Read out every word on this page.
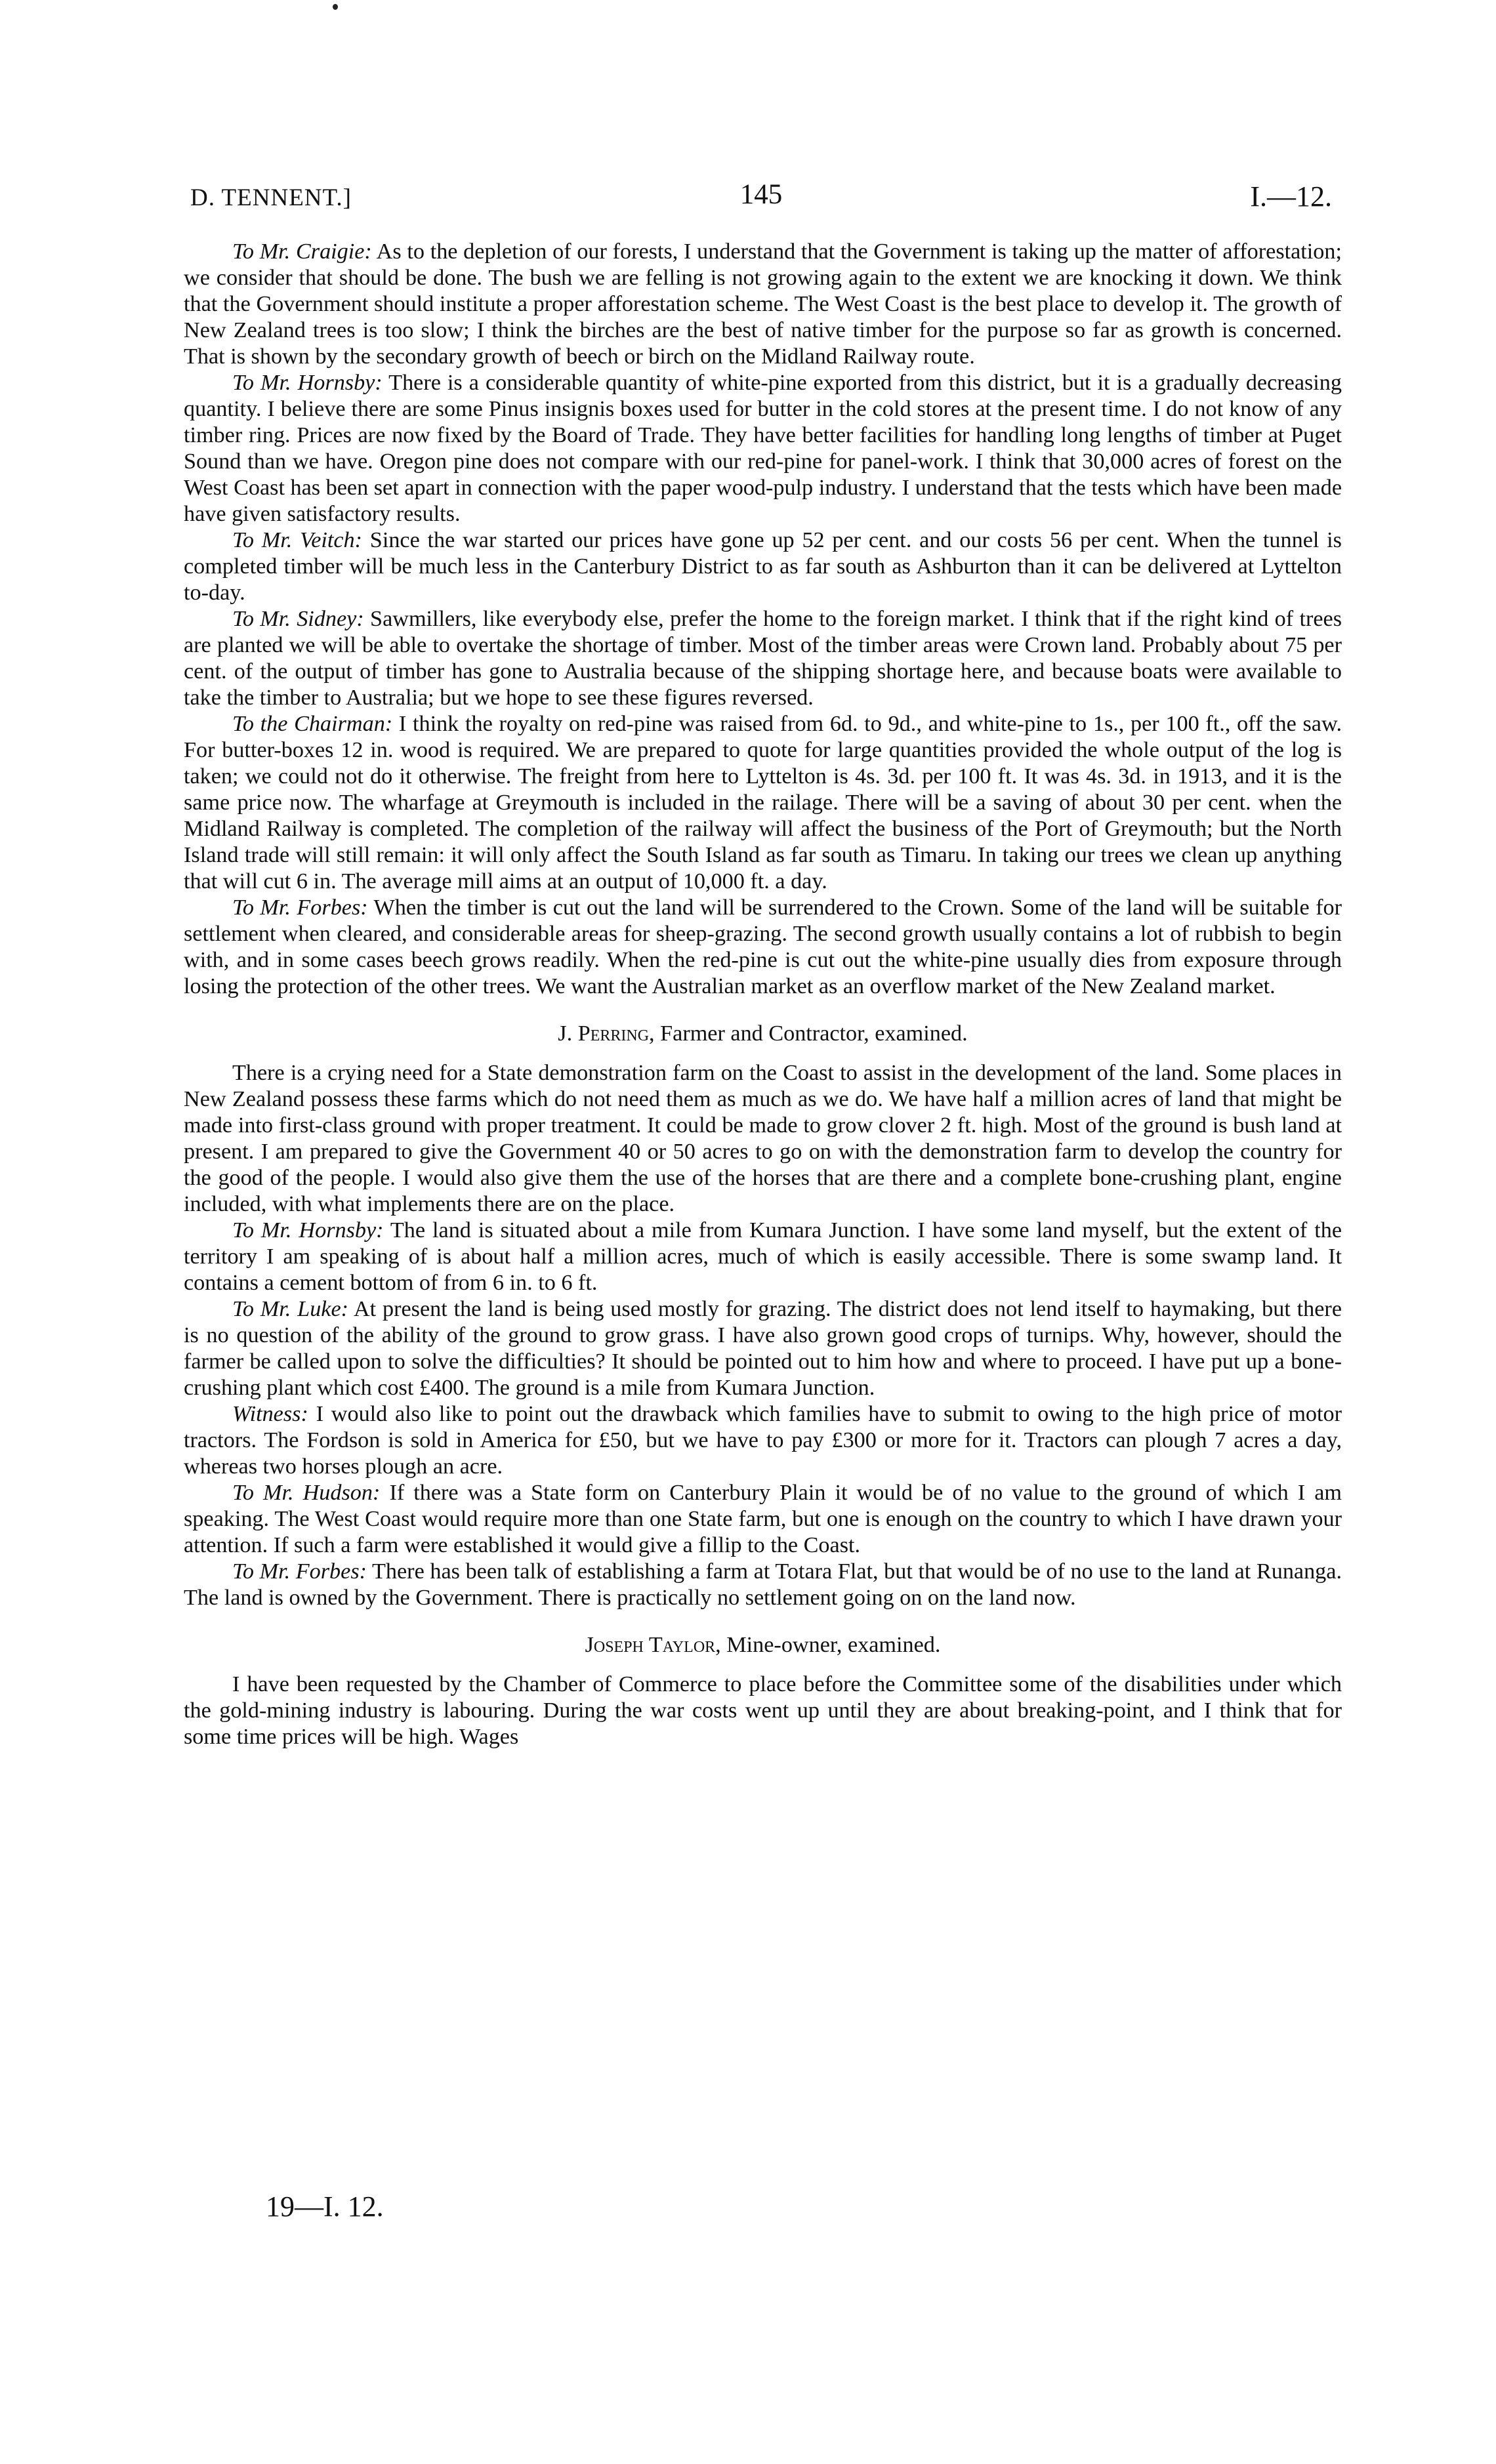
D. TENNENT.]	145	I.—12.

To Mr. Craigie: As to the depletion of our forests, I understand that the Government is taking up the matter of afforestation; we consider that should be done. The bush we are felling is not growing again to the extent we are knocking it down. We think that the Government should institute a proper afforestation scheme. The West Coast is the best place to develop it. The growth of New Zealand trees is too slow; I think the birches are the best of native timber for the purpose so far as growth is concerned. That is shown by the secondary growth of beech or birch on the Midland Railway route.

To Mr. Hornsby: There is a considerable quantity of white-pine exported from this district, but it is a gradually decreasing quantity. I believe there are some Pinus insignis boxes used for butter in the cold stores at the present time. I do not know of any timber ring. Prices are now fixed by the Board of Trade. They have better facilities for handling long lengths of timber at Puget Sound than we have. Oregon pine does not compare with our red-pine for panel-work. I think that 30,000 acres of forest on the West Coast has been set apart in connection with the paper wood-pulp industry. I understand that the tests which have been made have given satisfactory results.

To Mr. Veitch: Since the war started our prices have gone up 52 per cent. and our costs 56 per cent. When the tunnel is completed timber will be much less in the Canterbury District to as far south as Ashburton than it can be delivered at Lyttelton to-day.

To Mr. Sidney: Sawmillers, like everybody else, prefer the home to the foreign market. I think that if the right kind of trees are planted we will be able to overtake the shortage of timber. Most of the timber areas were Crown land. Probably about 75 per cent. of the output of timber has gone to Australia because of the shipping shortage here, and because boats were available to take the timber to Australia; but we hope to see these figures reversed.

To the Chairman: I think the royalty on red-pine was raised from 6d. to 9d., and white-pine to 1s., per 100 ft., off the saw. For butter-boxes 12 in. wood is required. We are prepared to quote for large quantities provided the whole output of the log is taken; we could not do it otherwise. The freight from here to Lyttelton is 4s. 3d. per 100 ft. It was 4s. 3d. in 1913, and it is the same price now. The wharfage at Greymouth is included in the railage. There will be a saving of about 30 per cent. when the Midland Railway is completed. The completion of the railway will affect the business of the Port of Greymouth; but the North Island trade will still remain: it will only affect the South Island as far south as Timaru. In taking our trees we clean up anything that will cut 6 in. The average mill aims at an output of 10,000 ft. a day.

To Mr. Forbes: When the timber is cut out the land will be surrendered to the Crown. Some of the land will be suitable for settlement when cleared, and considerable areas for sheep-grazing. The second growth usually contains a lot of rubbish to begin with, and in some cases beech grows readily. When the red-pine is cut out the white-pine usually dies from exposure through losing the protection of the other trees. We want the Australian market as an overflow market of the New Zealand market.

J. Perring, Farmer and Contractor, examined.

There is a crying need for a State demonstration farm on the Coast to assist in the development of the land. Some places in New Zealand possess these farms which do not need them as much as we do. We have half a million acres of land that might be made into first-class ground with proper treatment. It could be made to grow clover 2 ft. high. Most of the ground is bush land at present. I am prepared to give the Government 40 or 50 acres to go on with the demonstration farm to develop the country for the good of the people. I would also give them the use of the horses that are there and a complete bone-crushing plant, engine included, with what implements there are on the place.

To Mr. Hornsby: The land is situated about a mile from Kumara Junction. I have some land myself, but the extent of the territory I am speaking of is about half a million acres, much of which is easily accessible. There is some swamp land. It contains a cement bottom of from 6 in. to 6 ft.

To Mr. Luke: At present the land is being used mostly for grazing. The district does not lend itself to haymaking, but there is no question of the ability of the ground to grow grass. I have also grown good crops of turnips. Why, however, should the farmer be called upon to solve the difficulties? It should be pointed out to him how and where to proceed. I have put up a bone-crushing plant which cost £400. The ground is a mile from Kumara Junction.

Witness: I would also like to point out the drawback which families have to submit to owing to the high price of motor tractors. The Fordson is sold in America for £50, but we have to pay £300 or more for it. Tractors can plough 7 acres a day, whereas two horses plough an acre.

To Mr. Hudson: If there was a State form on Canterbury Plain it would be of no value to the ground of which I am speaking. The West Coast would require more than one State farm, but one is enough on the country to which I have drawn your attention. If such a farm were established it would give a fillip to the Coast.

To Mr. Forbes: There has been talk of establishing a farm at Totara Flat, but that would be of no use to the land at Runanga. The land is owned by the Government. There is practically no settlement going on on the land now.

Joseph Taylor, Mine-owner, examined.

I have been requested by the Chamber of Commerce to place before the Committee some of the disabilities under which the gold-mining industry is labouring. During the war costs went up until they are about breaking-point, and I think that for some time prices will be high. Wages

19—I. 12.
